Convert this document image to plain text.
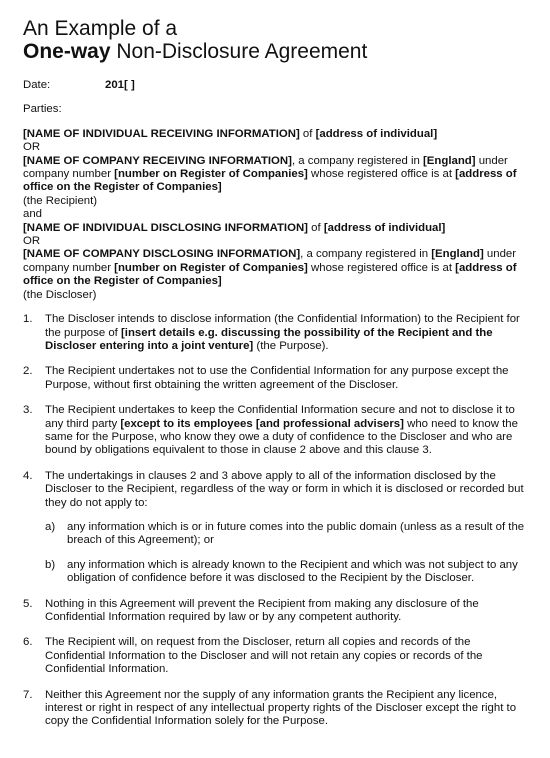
An Example of a
One-way Non-Disclosure Agreement
Date:	201[ ]
Parties:
[NAME OF INDIVIDUAL RECEIVING INFORMATION] of [address of individual]
OR
[NAME OF COMPANY RECEIVING INFORMATION], a company registered in [England] under company number [number on Register of Companies] whose registered office is at [address of office on the Register of Companies]
(the Recipient)
and
[NAME OF INDIVIDUAL DISCLOSING INFORMATION] of [address of individual]
OR
[NAME OF COMPANY DISCLOSING INFORMATION], a company registered in [England] under company number [number on Register of Companies] whose registered office is at [address of office on the Register of Companies]
(the Discloser)
1.	The Discloser intends to disclose information (the Confidential Information) to the Recipient for the purpose of [insert details e.g. discussing the possibility of the Recipient and the Discloser entering into a joint venture] (the Purpose).
2.	The Recipient undertakes not to use the Confidential Information for any purpose except the Purpose, without first obtaining the written agreement of the Discloser.
3.	The Recipient undertakes to keep the Confidential Information secure and not to disclose it to any third party [except to its employees [and professional advisers] who need to know the same for the Purpose, who know they owe a duty of confidence to the Discloser and who are bound by obligations equivalent to those in clause 2 above and this clause 3.
4.	The undertakings in clauses 2 and 3 above apply to all of the information disclosed by the Discloser to the Recipient, regardless of the way or form in which it is disclosed or recorded but they do not apply to:
a)	any information which is or in future comes into the public domain (unless as a result of the breach of this Agreement); or
b)	any information which is already known to the Recipient and which was not subject to any obligation of confidence before it was disclosed to the Recipient by the Discloser.
5.	Nothing in this Agreement will prevent the Recipient from making any disclosure of the Confidential Information required by law or by any competent authority.
6.	The Recipient will, on request from the Discloser, return all copies and records of the Confidential Information to the Discloser and will not retain any copies or records of the Confidential Information.
7.	Neither this Agreement nor the supply of any information grants the Recipient any licence, interest or right in respect of any intellectual property rights of the Discloser except the right to copy the Confidential Information solely for the Purpose.
